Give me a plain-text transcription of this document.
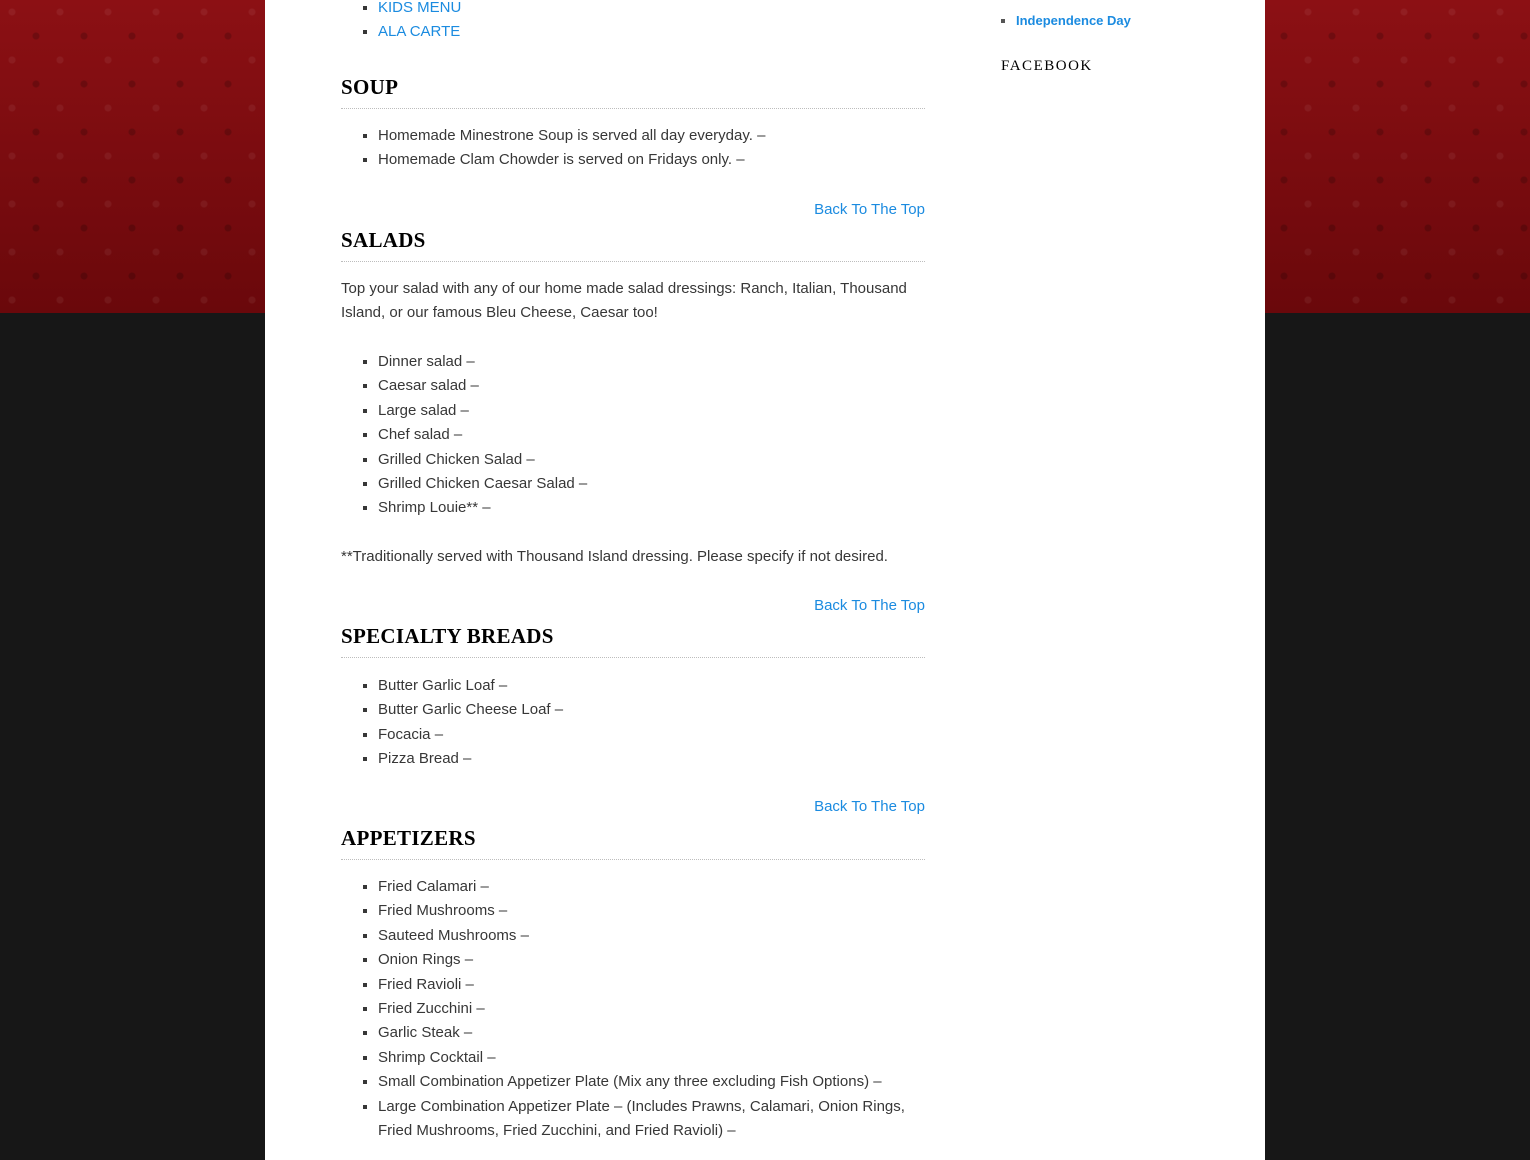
▪ KIDS MENU
▪ ALA CARTE
SOUP
▪ Homemade Minestrone Soup is served all day everyday. –
▪ Homemade Clam Chowder is served on Fridays only. –
Back To The Top
SALADS

Top your salad with any of our home made salad dressings: Ranch, Italian, Thousand Island, or our famous Bleu Cheese, Caesar too!

▪ Dinner salad –
▪ Caesar salad –
▪ Large salad –
▪ Chef salad –
▪ Grilled Chicken Salad –
▪ Grilled Chicken Caesar Salad –
▪ Shrimp Louie** –

**Traditionally served with Thousand Island dressing. Please specify if not desired.

Back To The Top
SPECIALTY BREADS
▪ Butter Garlic Loaf –
▪ Butter Garlic Cheese Loaf –
▪ Focacia –
▪ Pizza Bread –
Back To The Top
APPETIZERS
▪ Fried Calamari –
▪ Fried Mushrooms –
▪ Sauteed Mushrooms –
▪ Onion Rings –
▪ Fried Ravioli –
▪ Fried Zucchini –
▪ Garlic Steak –
▪ Shrimp Cocktail –
▪ Small Combination Appetizer Plate (Mix any three excluding Fish Options) –
▪ Large Combination Appetizer Plate – (Includes Prawns, Calamari, Onion Rings, Fried Mushrooms, Fried Zucchini, and Fried Ravioli) –
▪ Independence Day
FACEBOOK
